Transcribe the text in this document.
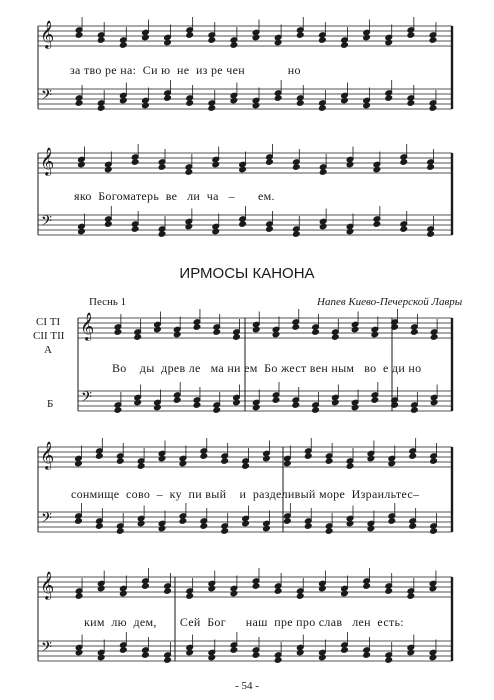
𝄞
𝄢
𝄞
𝄢
𝄞
𝄢
𝄞
𝄢
𝄞
𝄢
за тво ре на:  Си ю  не  из ре чен             но
яко  Богоматерь  ве   ли  ча   –       ем.
Во    ды  древ ле   ма ни ем  Бо жест вен ным   во  е ди но
сонмище  сово  –  ку  пи вый    и  разделивый море  Израильтес–
ким  лю  дем,       Сей  Бог      наш  пре про слав   лен  есть:
ИРМОСЫ КАНОНА
Песнь 1	Напев Киево-Печерской Лавры
СI ТI
СII ТII
А
Б
- 54 -
